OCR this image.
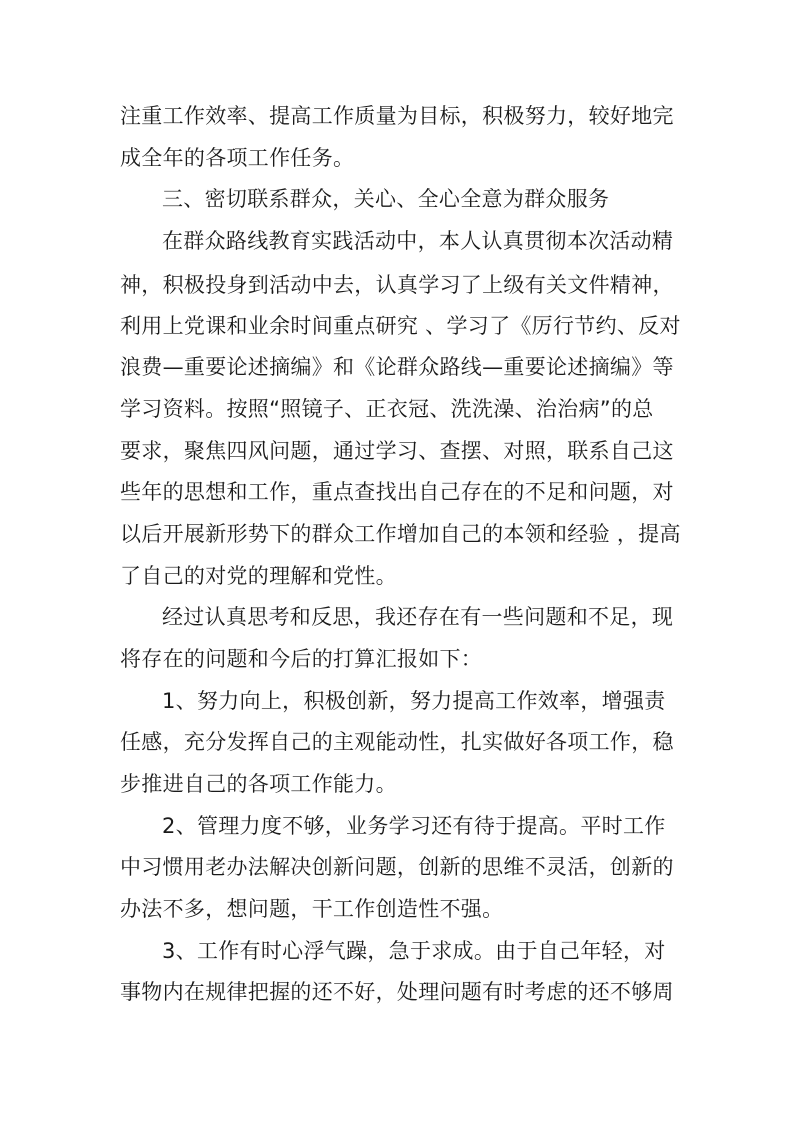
注重工作效率、提高工作质量为目标，积极努力，较好地完
成全年的各项工作任务。
三、密切联系群众，关心、全心全意为群众服务
在群众路线教育实践活动中，本人认真贯彻本次活动精
神，积极投身到活动中去，认真学习了上级有关文件精神，
利用上党课和业余时间重点研究 、学习了《厉行节约、反对
浪费—重要论述摘编》和《论群众路线—重要论述摘编》等
学习资料。按照“照镜子、正衣冠、洗洗澡、治治病”的总
要求，聚焦四风问题，通过学习、查摆、对照，联系自己这
些年的思想和工作，重点查找出自己存在的不足和问题，对
以后开展新形势下的群众工作增加自己的本领和经验 ，提高
了自己的对党的理解和党性。
经过认真思考和反思，我还存在有一些问题和不足，现
将存在的问题和今后的打算汇报如下：
1、努力向上，积极创新，努力提高工作效率，增强责
任感，充分发挥自己的主观能动性，扎实做好各项工作，稳
步推进自己的各项工作能力。
2、管理力度不够，业务学习还有待于提高。平时工作
中习惯用老办法解决创新问题，创新的思维不灵活，创新的
办法不多，想问题，干工作创造性不强。
3、工作有时心浮气躁，急于求成。由于自己年轻，对
事物内在规律把握的还不好，处理问题有时考虑的还不够周
